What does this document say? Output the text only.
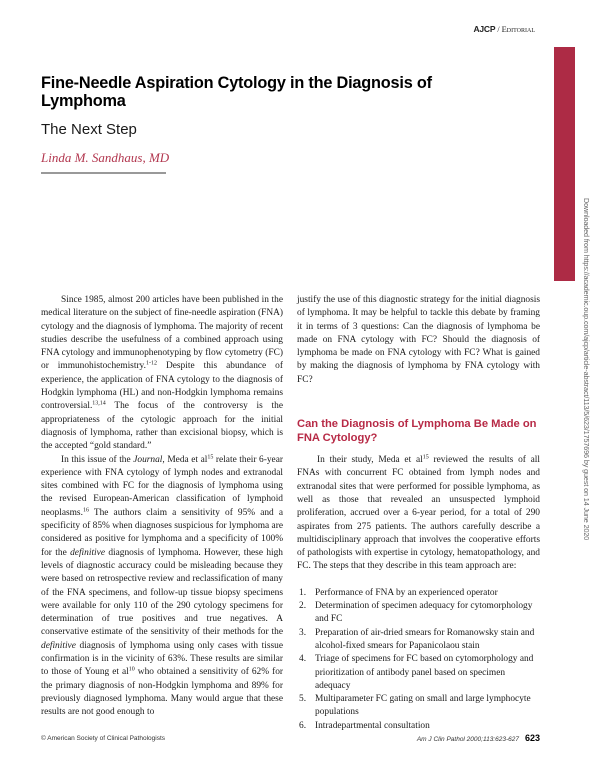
AJCP / Editorial
Downloaded from https://academic.oup.com/ajcp/article-abstract/113/5/623/1757696 by guest on 14 June 2020
Fine-Needle Aspiration Cytology in the Diagnosis of Lymphoma
The Next Step
Linda M. Sandhaus, MD

Since 1985, almost 200 articles have been published in the medical literature on the subject of fine-needle aspiration (FNA) cytology and the diagnosis of lymphoma. The majority of recent studies describe the usefulness of a combined approach using FNA cytology and immunophenotyping by flow cytometry (FC) or immunohistochemistry.$^{1-12}$ Despite this abundance of experience, the application of FNA cytology to the diagnosis of Hodgkin lymphoma (HL) and non-Hodgkin lymphoma remains controversial.$^{13,14}$ The focus of the controversy is the appropriateness of the cytologic approach for the initial diagnosis of lymphoma, rather than excisional biopsy, which is the accepted “gold standard.”

In this issue of the Journal, Meda et $al^{15}$ relate their 6-year experience with FNA cytology of lymph nodes and extranodal sites combined with FC for the diagnosis of lymphoma using the revised European-American classification of lymphoid neoplasms.$^{16}$ The authors claim a sensitivity of 95% and a specificity of 85% when diagnoses suspicious for lymphoma are considered as positive for lymphoma and a specificity of 100% for the definitive diagnosis of lymphoma. However, these high levels of diagnostic accuracy could be misleading because they were based on retrospective review and reclassification of many of the FNA specimens, and follow-up tissue biopsy specimens were available for only 110 of the 290 cytology specimens for determination of true positives and true negatives. A conservative estimate of the sensitivity of their methods for the definitive diagnosis of lymphoma using only cases with tissue confirmation is in the vicinity of 63%. These results are similar to those of Young et $al^{10}$ who obtained a sensitivity of 62% for the primary diagnosis of non-Hodgkin lymphoma and 89% for previously diagnosed lymphoma. Many would argue that these results are not good enough to

justify the use of this diagnostic strategy for the initial diagnosis of lymphoma. It may be helpful to tackle this debate by framing it in terms of 3 questions: Can the diagnosis of lymphoma be made on FNA cytology with FC? Should the diagnosis of lymphoma be made on FNA cytology with FC? What is gained by making the diagnosis of lymphoma by FNA cytology with FC?

Can the Diagnosis of Lymphoma Be Made on FNA Cytology?

In their study, Meda et $al^{15}$ reviewed the results of all FNAs with concurrent FC obtained from lymph nodes and extranodal sites that were performed for possible lymphoma, as well as those that revealed an unsuspected lymphoid proliferation, accrued over a 6-year period, for a total of 290 aspirates from 275 patients. The authors carefully describe a multidisciplinary approach that involves the cooperative efforts of pathologists with expertise in cytology, hematopathology, and FC. The steps that they describe in this team approach are:

1. Performance of FNA by an experienced operator
2. Determination of specimen adequacy for cytomorphology and FC
3. Preparation of air-dried smears for Romanowsky stain and alcohol-fixed smears for Papanicolaou stain
4. Triage of specimens for FC based on cytomorphology and prioritization of antibody panel based on specimen adequacy
5. Multiparameter FC gating on small and large lymphocyte populations
6. Intradepartmental consultation
© American Society of Clinical Pathologists	Am J Clin Pathol 2000;113:623-627 623
